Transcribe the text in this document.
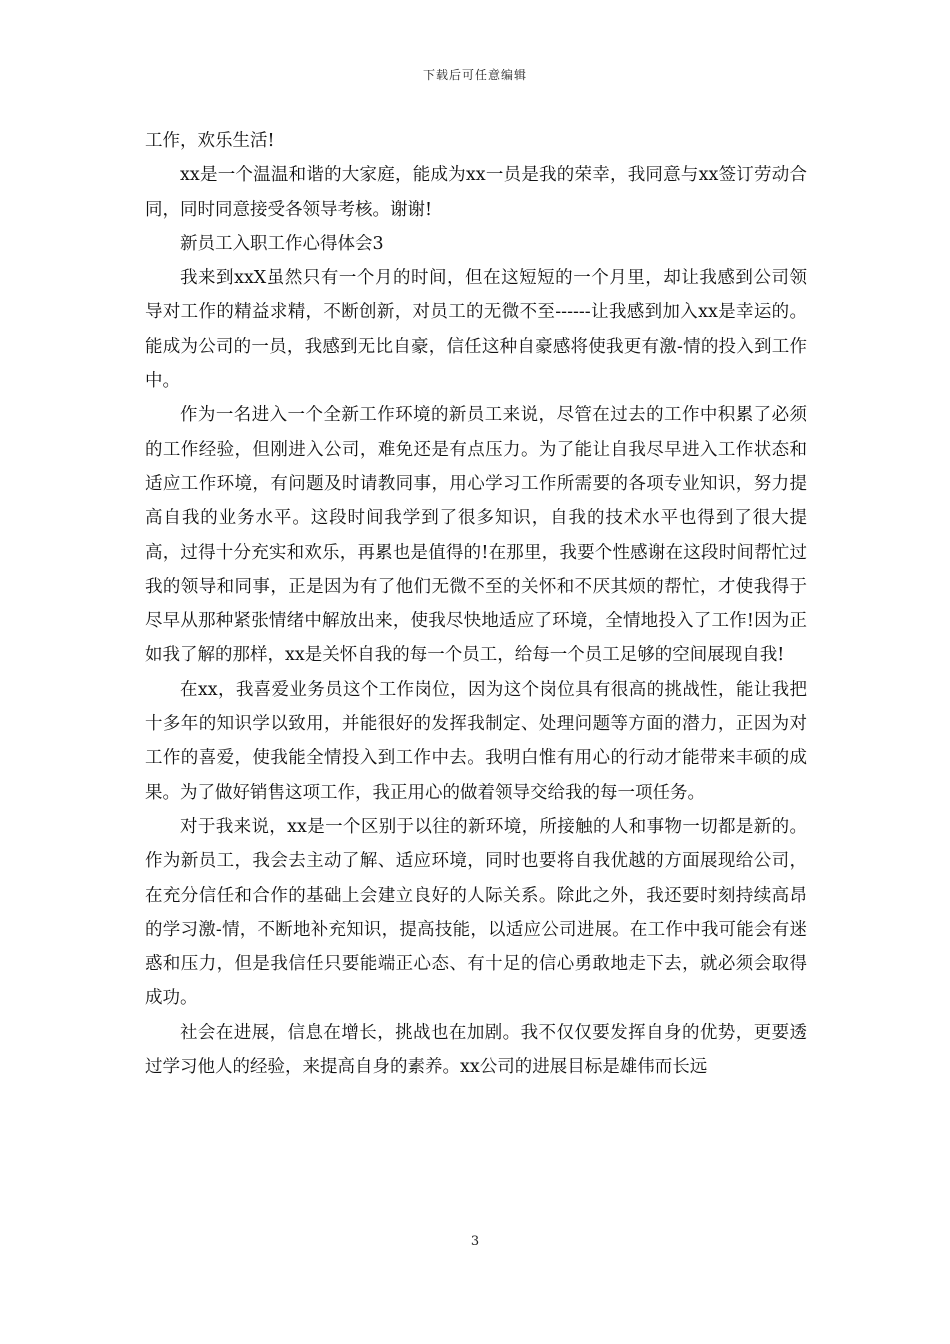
下载后可任意编辑

工作，欢乐生活!

xx是一个温温和谐的大家庭，能成为xx一员是我的荣幸，我同意与xx签订劳动合同，同时同意接受各领导考核。谢谢!

新员工入职工作心得体会3

我来到xxX虽然只有一个月的时间，但在这短短的一个月里，却让我感到公司领导对工作的精益求精，不断创新，对员工的无微不至------让我感到加入xx是幸运的。能成为公司的一员，我感到无比自豪，信任这种自豪感将使我更有激-情的投入到工作中。

作为一名进入一个全新工作环境的新员工来说，尽管在过去的工作中积累了必须的工作经验，但刚进入公司，难免还是有点压力。为了能让自我尽早进入工作状态和适应工作环境，有问题及时请教同事，用心学习工作所需要的各项专业知识，努力提高自我的业务水平。这段时间我学到了很多知识，自我的技术水平也得到了很大提高，过得十分充实和欢乐，再累也是值得的!在那里，我要个性感谢在这段时间帮忙过我的领导和同事，正是因为有了他们无微不至的关怀和不厌其烦的帮忙，才使我得于尽早从那种紧张情绪中解放出来，使我尽快地适应了环境，全情地投入了工作!因为正如我了解的那样，xx是关怀自我的每一个员工，给每一个员工足够的空间展现自我!

在xx，我喜爱业务员这个工作岗位，因为这个岗位具有很高的挑战性，能让我把十多年的知识学以致用，并能很好的发挥我制定、处理问题等方面的潜力，正因为对工作的喜爱，使我能全情投入到工作中去。我明白惟有用心的行动才能带来丰硕的成果。为了做好销售这项工作，我正用心的做着领导交给我的每一项任务。

对于我来说，xx是一个区别于以往的新环境，所接触的人和事物一切都是新的。作为新员工，我会去主动了解、适应环境，同时也要将自我优越的方面展现给公司，在充分信任和合作的基础上会建立良好的人际关系。除此之外，我还要时刻持续高昂的学习激-情，不断地补充知识，提高技能，以适应公司进展。在工作中我可能会有迷惑和压力，但是我信任只要能端正心态、有十足的信心勇敢地走下去，就必须会取得成功。

社会在进展，信息在增长，挑战也在加剧。我不仅仅要发挥自身的优势，更要透过学习他人的经验，来提高自身的素养。xx公司的进展目标是雄伟而长远

3
